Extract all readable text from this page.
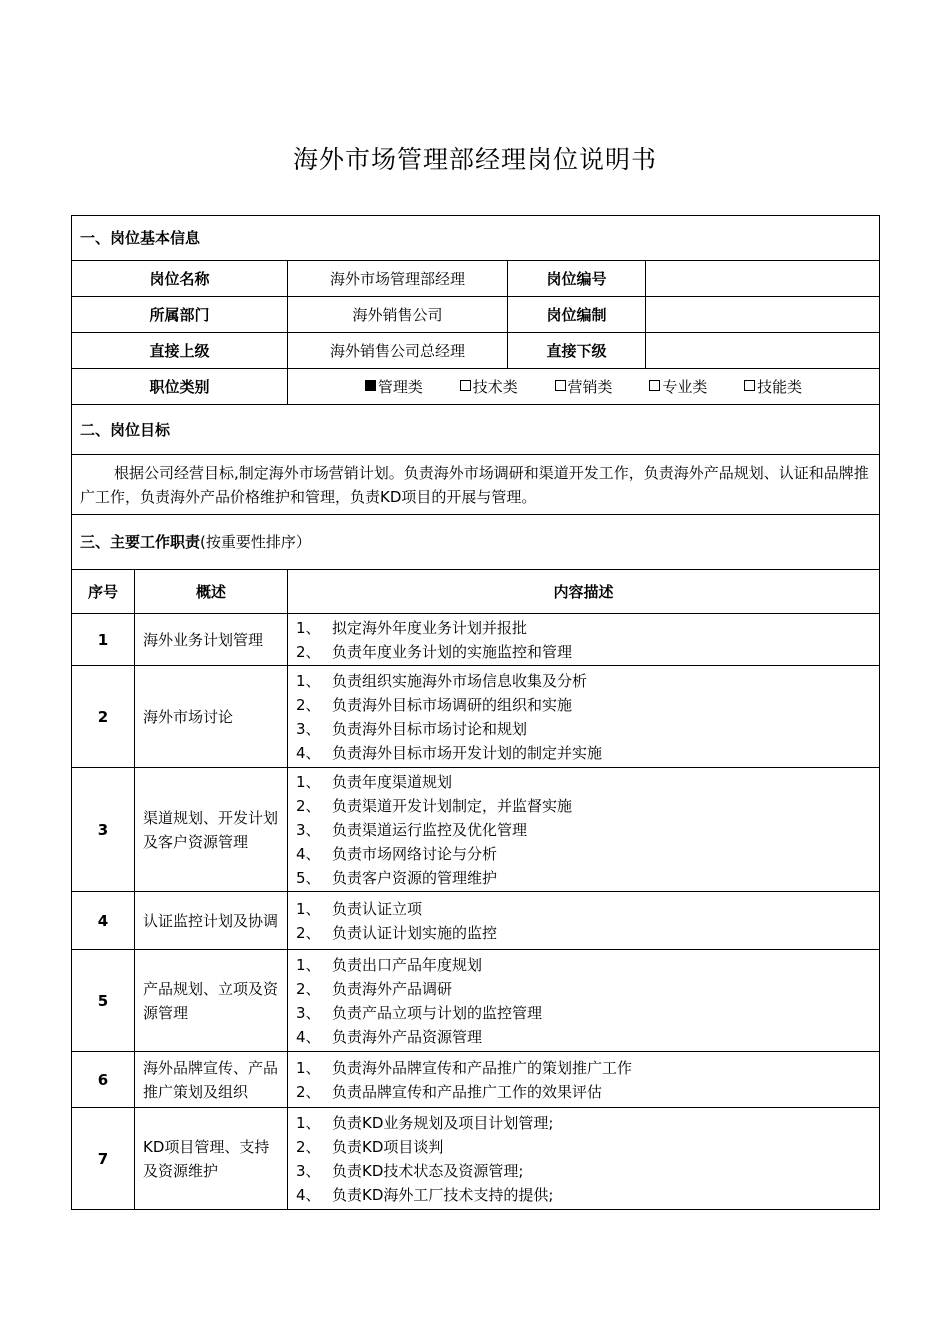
海外市场管理部经理岗位说明书
一、岗位基本信息				
岗位名称		海外市场管理部经理	岗位编号	
所属部门		海外销售公司	岗位编制	
直接上级		海外销售公司总经理	直接下级	
职位类别		管理类 技术类 营销类 专业类 技能类		
二、岗位目标				
根据公司经营目标,制定海外市场营销计划。负责海外市场调研和渠道开发工作，负责海外产品规划、认证和品牌推广工作，负责海外产品价格维护和管理，负责KD项目的开展与管理。				
三、主要工作职责(按重要性排序）				
序号	概述	内容描述		
1	海外业务计划管理	1、 拟定海外年度业务计划并报批
2、 负责年度业务计划的实施监控和管理		

2	海外市场讨论	1、 负责组织实施海外市场信息收集及分析
2、 负责海外目标市场调研的组织和实施
3、 负责海外目标市场讨论和规划
4、 负责海外目标市场开发计划的制定并实施		

3	渠道规划、开发计划及客户资源管理	1、 负责年度渠道规划
2、 负责渠道开发计划制定，并监督实施
3、 负责渠道运行监控及优化管理
4、 负责市场网络讨论与分析
5、 负责客户资源的管理维护		

4	认证监控计划及协调	1、 负责认证立项
2、 负责认证计划实施的监控		

5	产品规划、立项及资源管理	1、 负责出口产品年度规划
2、 负责海外产品调研
3、 负责产品立项与计划的监控管理
4、 负责海外产品资源管理		

6	海外品牌宣传、产品推广策划及组织	1、 负责海外品牌宣传和产品推广的策划推广工作
2、 负责品牌宣传和产品推广工作的效果评估		

7	KD项目管理、支持及资源维护	1、 负责KD业务规划及项目计划管理;
2、 负责KD项目谈判
3、 负责KD技术状态及资源管理;
4、 负责KD海外工厂技术支持的提供;		
